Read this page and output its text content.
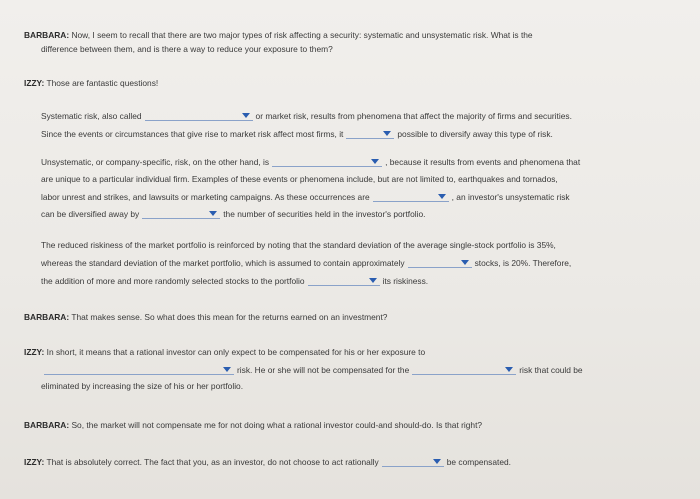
BARBARA: Now, I seem to recall that there are two major types of risk affecting a security: systematic and unsystematic risk. What is the
difference between them, and is there a way to reduce your exposure to them?
IZZY: Those are fantastic questions!
Systematic risk, also called	or market risk, results from phenomena that affect the majority of firms and securities.
Since the events or circumstances that give rise to market risk affect most firms, it	possible to diversify away this type of risk.
Unsystematic, or company-specific, risk, on the other hand, is	, because it results from events and phenomena that
are unique to a particular individual firm. Examples of these events or phenomena include, but are not limited to, earthquakes and tornados,
labor unrest and strikes, and lawsuits or marketing campaigns. As these occurrences are	, an investor's unsystematic risk
can be diversified away by	the number of securities held in the investor's portfolio.
The reduced riskiness of the market portfolio is reinforced by noting that the standard deviation of the average single-stock portfolio is 35%,
whereas the standard deviation of the market portfolio, which is assumed to contain approximately	stocks, is 20%. Therefore,
the addition of more and more randomly selected stocks to the portfolio	its riskiness.
BARBARA: That makes sense. So what does this mean for the returns earned on an investment?
IZZY: In short, it means that a rational investor can only expect to be compensated for his or her exposure to
risk. He or she will not be compensated for the	risk that could be
eliminated by increasing the size of his or her portfolio.
BARBARA: So, the market will not compensate me for not doing what a rational investor could-and should-do. Is that right?
IZZY: That is absolutely correct. The fact that you, as an investor, do not choose to act rationally	be compensated.
